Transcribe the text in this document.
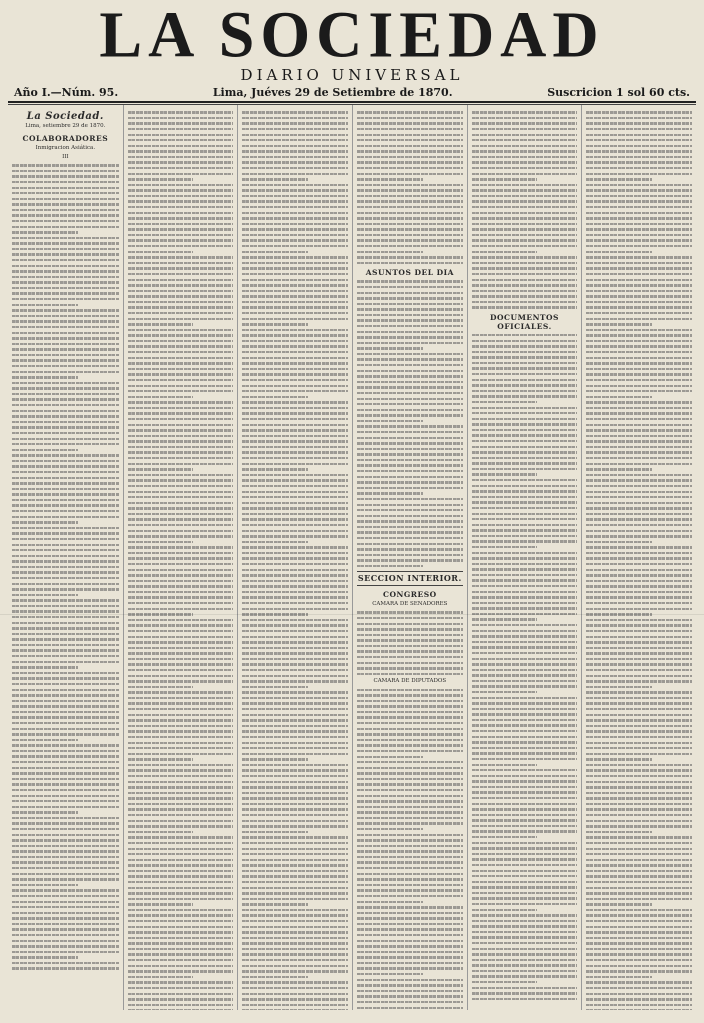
LA SOCIEDAD
DIARIO UNIVERSAL
Año I.—Núm. 95.	Lima, Juéves 29 de Setiembre de 1870.	Suscricion 1 sol 60 cts.
La Sociedad.
Lima, setiembre 29 de 1870.
COLABORADORES
Inmigracion Asiática.
III
ASUNTOS DEL DIA
SECCION INTERIOR.
CONGRESO
CAMARA DE SENADORES
CAMARA DE DIPUTADOS
DOCUMENTOS OFICIALES.
